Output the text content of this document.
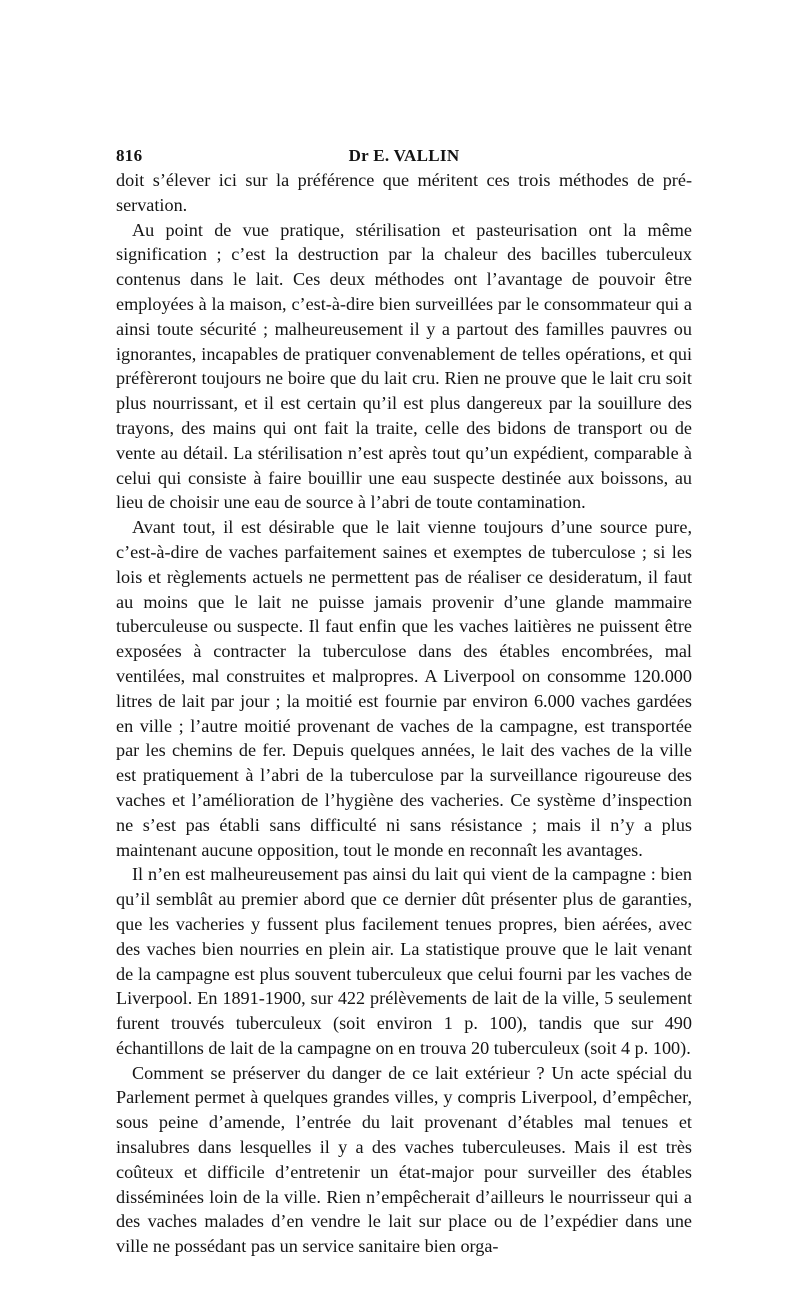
816	Dr E. VALLIN

doit s’élever ici sur la préférence que méritent ces trois méthodes de préservation.

Au point de vue pratique, stérilisation et pasteurisation ont la même signification ; c’est la destruction par la chaleur des bacilles tuberculeux contenus dans le lait. Ces deux méthodes ont l’avantage de pouvoir être employées à la maison, c’est-à-dire bien surveillées par le consommateur qui a ainsi toute sécurité ; malheureusement il y a partout des familles pauvres ou ignorantes, incapables de pratiquer convenablement de telles opérations, et qui préfèreront toujours ne boire que du lait cru. Rien ne prouve que le lait cru soit plus nourrissant, et il est certain qu’il est plus dangereux par la souillure des trayons, des mains qui ont fait la traite, celle des bidons de transport ou de vente au détail. La stérilisation n’est après tout qu’un expédient, comparable à celui qui consiste à faire bouillir une eau suspecte destinée aux boissons, au lieu de choisir une eau de source à l’abri de toute contamination.

Avant tout, il est désirable que le lait vienne toujours d’une source pure, c’est-à-dire de vaches parfaitement saines et exemptes de tuberculose ; si les lois et règlements actuels ne permettent pas de réaliser ce desideratum, il faut au moins que le lait ne puisse jamais provenir d’une glande mammaire tuberculeuse ou suspecte. Il faut enfin que les vaches laitières ne puissent être exposées à contracter la tuberculose dans des étables encombrées, mal ventilées, mal construites et malpropres. A Liverpool on consomme 120.000 litres de lait par jour ; la moitié est fournie par environ 6.000 vaches gardées en ville ; l’autre moitié provenant de vaches de la campagne, est transportée par les chemins de fer. Depuis quelques années, le lait des vaches de la ville est pratiquement à l’abri de la tuberculose par la surveillance rigoureuse des vaches et l’amélioration de l’hygiène des vacheries. Ce système d’inspection ne s’est pas établi sans difficulté ni sans résistance ; mais il n’y a plus maintenant aucune opposition, tout le monde en reconnaît les avantages.

Il n’en est malheureusement pas ainsi du lait qui vient de la campagne : bien qu’il semblât au premier abord que ce dernier dût présenter plus de garanties, que les vacheries y fussent plus facilement tenues propres, bien aérées, avec des vaches bien nourries en plein air. La statistique prouve que le lait venant de la campagne est plus souvent tuberculeux que celui fourni par les vaches de Liverpool. En 1891-1900, sur 422 prélèvements de lait de la ville, 5 seulement furent trouvés tuberculeux (soit environ 1 p. 100), tandis que sur 490 échantillons de lait de la campagne on en trouva 20 tuberculeux (soit 4 p. 100).

Comment se préserver du danger de ce lait extérieur ? Un acte spécial du Parlement permet à quelques grandes villes, y compris Liverpool, d’empêcher, sous peine d’amende, l’entrée du lait provenant d’étables mal tenues et insalubres dans lesquelles il y a des vaches tuberculeuses. Mais il est très coûteux et difficile d’entretenir un état-major pour surveiller des étables disséminées loin de la ville. Rien n’empêcherait d’ailleurs le nourrisseur qui a des vaches malades d’en vendre le lait sur place ou de l’expédier dans une ville ne possédant pas un service sanitaire bien orga-
